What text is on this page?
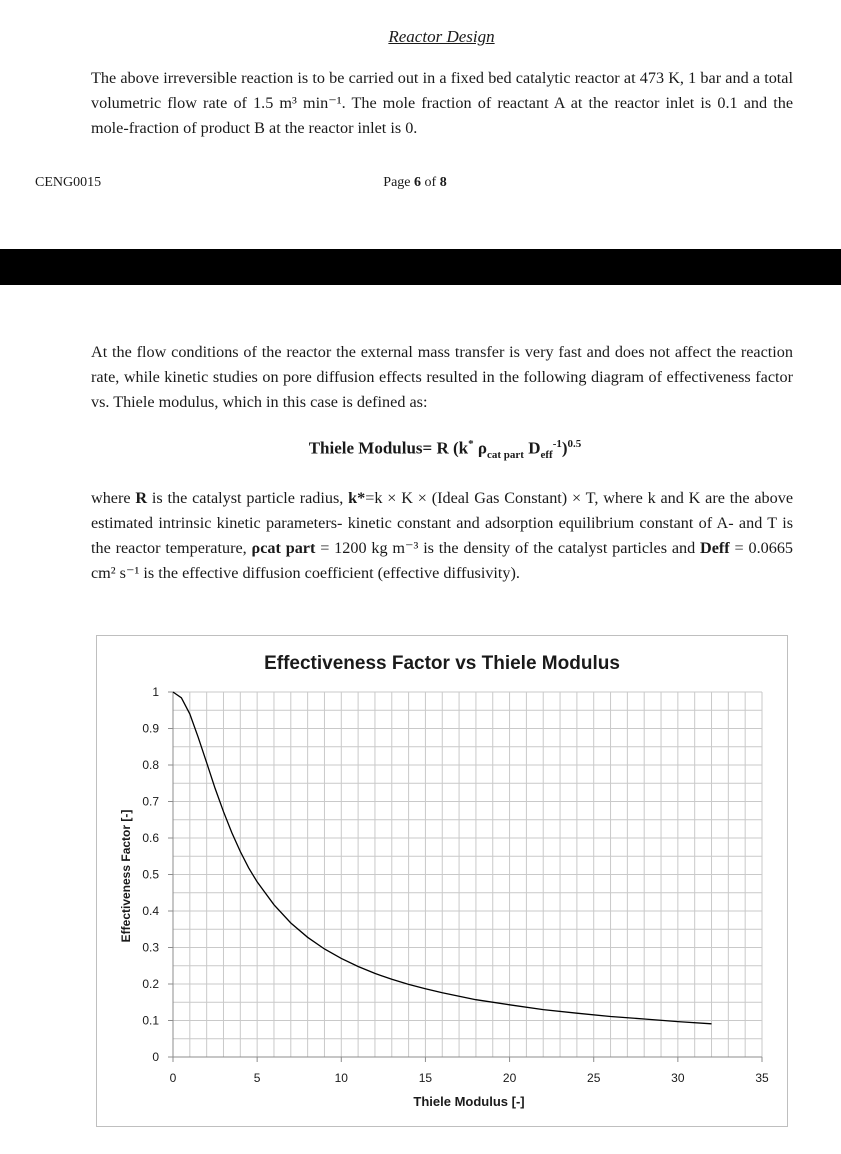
Reactor Design
The above irreversible reaction is to be carried out in a fixed bed catalytic reactor at 473 K, 1 bar and a total volumetric flow rate of 1.5 m³ min⁻¹. The mole fraction of reactant A at the reactor inlet is 0.1 and the mole-fraction of product B at the reactor inlet is 0.
CENG0015	Page 6 of 8
At the flow conditions of the reactor the external mass transfer is very fast and does not affect the reaction rate, while kinetic studies on pore diffusion effects resulted in the following diagram of effectiveness factor vs. Thiele modulus, which in this case is defined as:
Thiele Modulus= R (k* $\rho_{cat part}$ $D_{eff}^{-1})^{0.5}$
where R is the catalyst particle radius, k*=k × K × (Ideal Gas Constant) × T, where k and K are the above estimated intrinsic kinetic parameters- kinetic constant and adsorption equilibrium constant of A- and T is the reactor temperature, ρcat part = 1200 kg m⁻³ is the density of the catalyst particles and Deff = 0.0665 cm² s⁻¹ is the effective diffusion coefficient (effective diffusivity).
Effectiveness Factor vs Thiele Modulus
0
0.1
0.2
0.3
0.4
0.5
0.6
0.7
0.8
0.9
1
0	5	10	15	20	25	30	35
Thiele Modulus [-]
Effectiveness Factor [-]
